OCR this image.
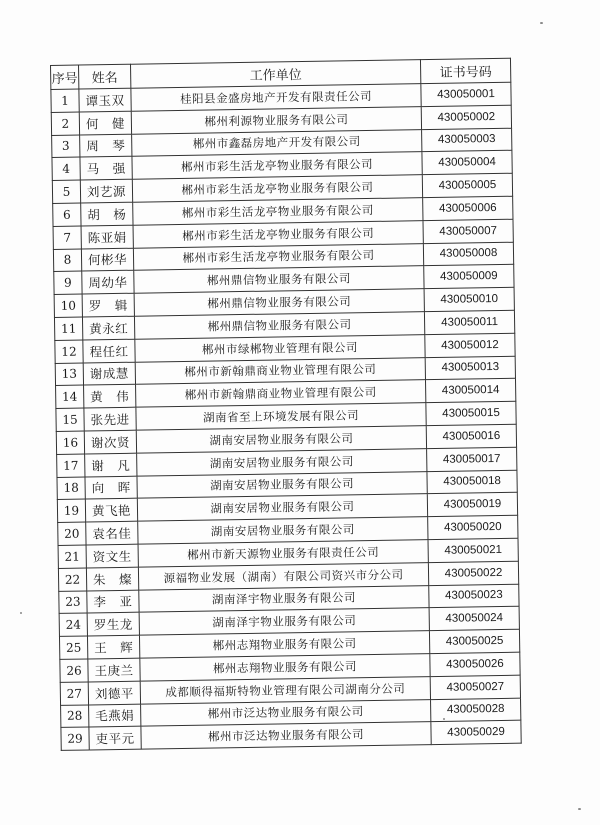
序号	姓名	工作单位	证书号码
1	谭玉双	桂阳县金盛房地产开发有限责任公司	430050001
2	何　健	郴州利源物业服务有限公司	430050002
3	周　琴	郴州市鑫磊房地产开发有限公司	430050003
4	马　强	郴州市彩生活龙亭物业服务有限公司	430050004
5	刘艺源	郴州市彩生活龙亭物业服务有限公司	430050005
6	胡　杨	郴州市彩生活龙亭物业服务有限公司	430050006
7	陈亚娟	郴州市彩生活龙亭物业服务有限公司	430050007
8	何彬华	郴州市彩生活龙亭物业服务有限公司	430050008
9	周幼华	郴州鼎信物业服务有限公司	430050009
10	罗　辑	郴州鼎信物业服务有限公司	430050010
11	黄永红	郴州鼎信物业服务有限公司	430050011
12	程任红	郴州市绿郴物业管理有限公司	430050012
13	谢成慧	郴州市新翰鼎商业物业管理有限公司	430050013
14	黄　伟	郴州市新翰鼎商业物业管理有限公司	430050014
15	张先进	湖南省至上环境发展有限公司	430050015
16	谢次贤	湖南安居物业服务有限公司	430050016
17	谢　凡	湖南安居物业服务有限公司	430050017
18	向　晖	湖南安居物业服务有限公司	430050018
19	黄飞艳	湖南安居物业服务有限公司	430050019
20	袁名佳	湖南安居物业服务有限公司	430050020
21	资文生	郴州市新天源物业服务有限责任公司	430050021
22	朱　燦	源福物业发展（湖南）有限公司资兴市分公司	430050022
23	李　亚	湖南泽宇物业服务有限公司	430050023
24	罗生龙	湖南泽宇物业服务有限公司	430050024
25	王　辉	郴州志翔物业服务有限公司	430050025
26	王庚兰	郴州志翔物业服务有限公司	430050026
27	刘德平	成都顺得福斯特物业管理有限公司湖南分公司	430050027
28	毛燕娟	郴州市泛达物业服务有限公司	430050028
29	吏平元	郴州市泛达物业服务有限公司	430050029
